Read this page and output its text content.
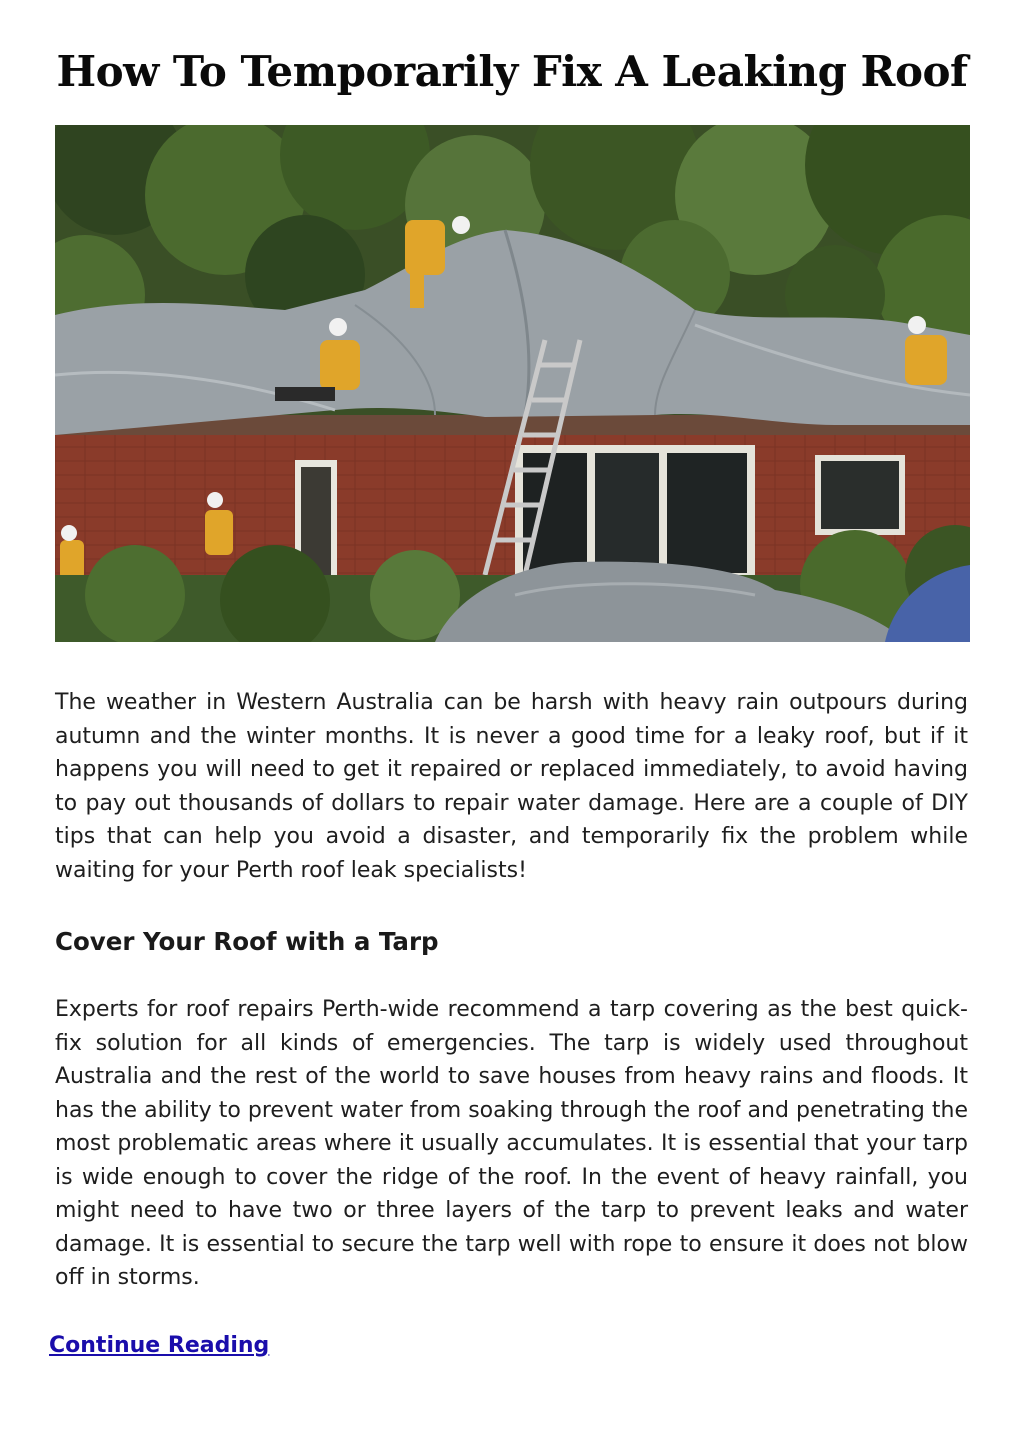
How To Temporarily Fix A Leaking Roof

The weather in Western Australia can be harsh with heavy rain outpours during autumn and the winter months. It is never a good time for a leaky roof, but if it happens you will need to get it repaired or replaced immediately, to avoid having to pay out thousands of dollars to repair water damage. Here are a couple of DIY tips that can help you avoid a disaster, and temporarily fix the problem while waiting for your Perth roof leak specialists!

Cover Your Roof with a Tarp

Experts for roof repairs Perth-wide recommend a tarp covering as the best quick-fix solution for all kinds of emergencies. The tarp is widely used throughout Australia and the rest of the world to save houses from heavy rains and floods. It has the ability to prevent water from soaking through the roof and penetrating the most problematic areas where it usually accumulates. It is essential that your tarp is wide enough to cover the ridge of the roof. In the event of heavy rainfall, you might need to have two or three layers of the tarp to prevent leaks and water damage. It is essential to secure the tarp well with rope to ensure it does not blow off in storms.

Continue Reading
